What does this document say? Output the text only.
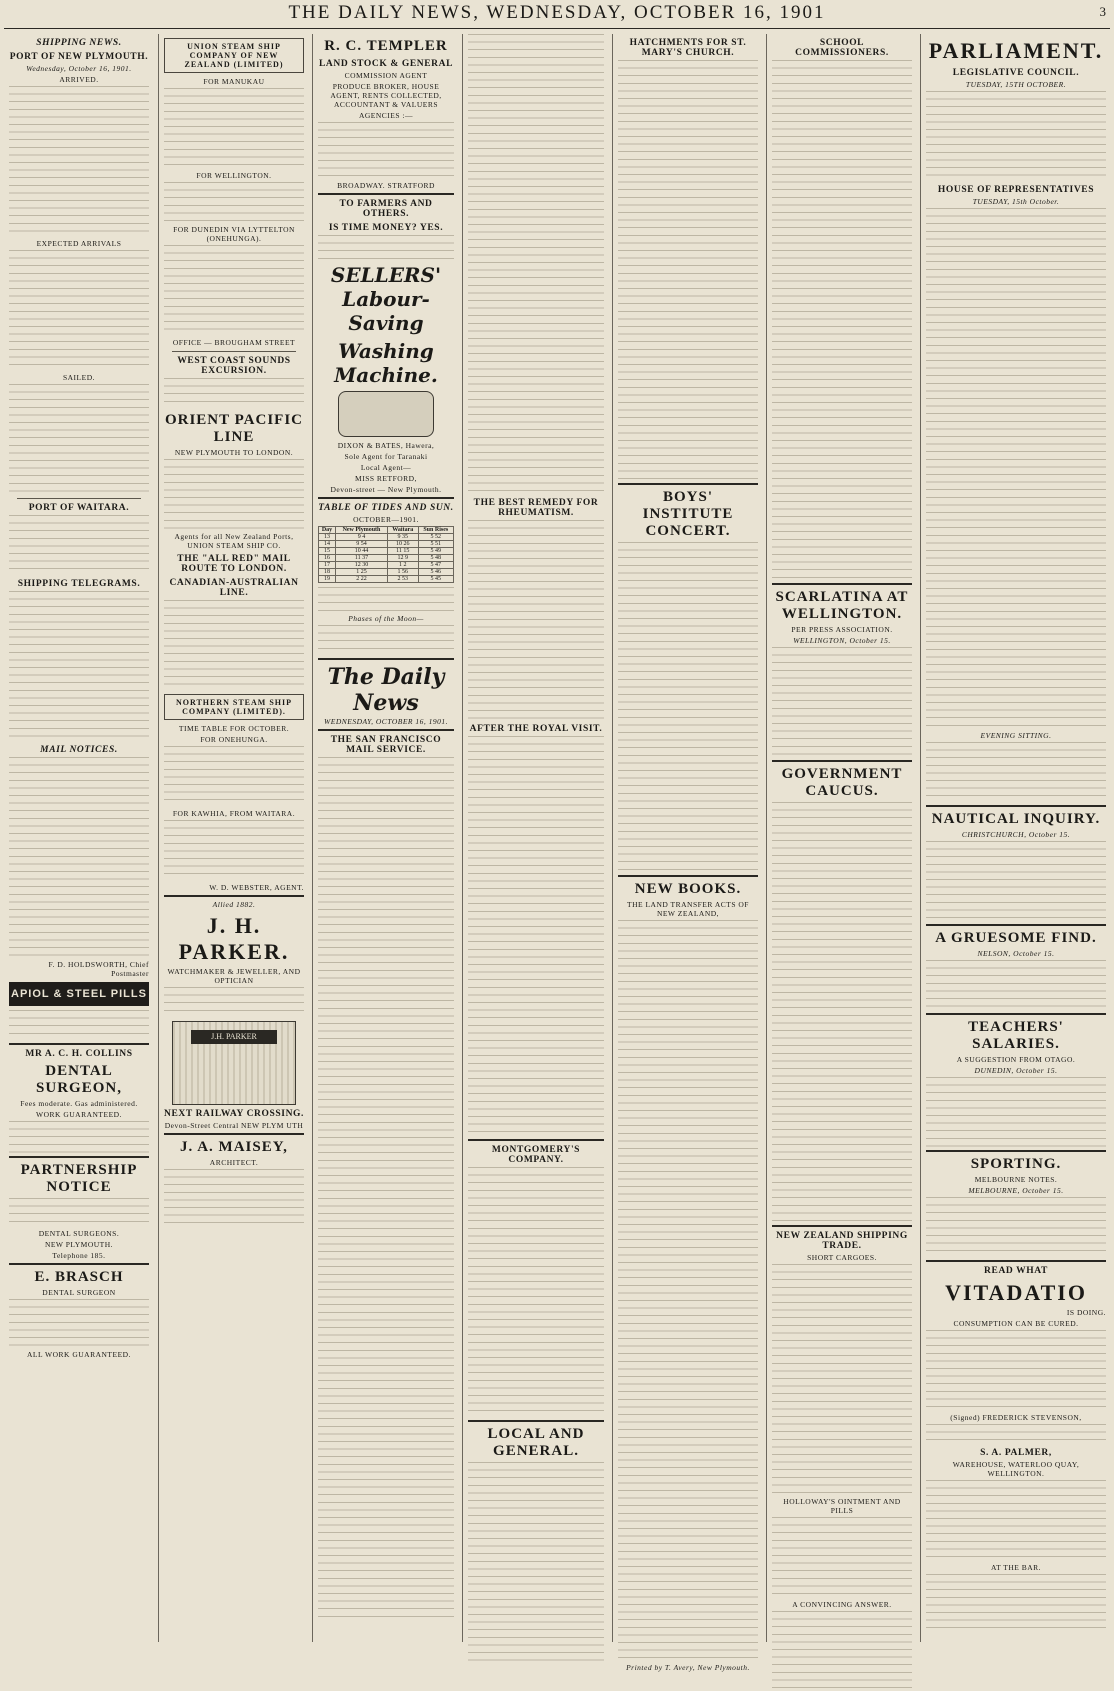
THE DAILY NEWS, WEDNESDAY, OCTOBER 16, 1901	3
SHIPPING NEWS.
PORT OF NEW PLYMOUTH.
Wednesday, October 16, 1901.
ARRIVED.
EXPECTED ARRIVALS
SAILED.
PORT OF WAITARA.
SHIPPING TELEGRAMS.
MAIL NOTICES.
F. D. HOLDSWORTH, Chief Postmaster
APIOL & STEEL PILLS
MR A. C. H. COLLINS
DENTAL SURGEON,
Fees moderate. Gas administered.
WORK GUARANTEED.
PARTNERSHIP NOTICE
DENTAL SURGEONS.
NEW PLYMOUTH.
Telephone 185.
E. BRASCH
DENTAL SURGEON
ALL WORK GUARANTEED.
UNION STEAM SHIP COMPANY OF NEW ZEALAND (LIMITED)
FOR MANUKAU
FOR WELLINGTON.
FOR DUNEDIN VIA LYTTELTON (ONEHUNGA).
OFFICE — BROUGHAM STREET
WEST COAST SOUNDS EXCURSION.
ORIENT PACIFIC LINE
NEW PLYMOUTH TO LONDON.
Agents for all New Zealand Ports, UNION STEAM SHIP CO.
THE "ALL RED" MAIL ROUTE TO LONDON.
CANADIAN-AUSTRALIAN LINE.
NORTHERN STEAM SHIP COMPANY (LIMITED).
TIME TABLE FOR OCTOBER.
FOR ONEHUNGA.
FOR KAWHIA, FROM WAITARA.
W. D. WEBSTER, AGENT.
Allied 1882.
J. H. PARKER.
WATCHMAKER & JEWELLER, AND OPTICIAN
J.H. PARKER
NEXT RAILWAY CROSSING.
Devon-Street Central NEW PLYM UTH
J. A. MAISEY,
ARCHITECT.
R. C. TEMPLER
LAND STOCK & GENERAL
COMMISSION AGENT
PRODUCE BROKER, HOUSE AGENT, RENTS COLLECTED, ACCOUNTANT & VALUERS
AGENCIES :—
BROADWAY. STRATFORD
TO FARMERS AND OTHERS.
IS TIME MONEY? YES.
SELLERS' Labour-Saving
Washing Machine.
DIXON & BATES, Hawera,
Sole Agent for Taranaki
Local Agent—
MISS RETFORD,
Devon-street — New Plymouth.
TABLE OF TIDES AND SUN.
OCTOBER—1901.
Day	New Plymouth	Waitara	Sun Rises
13	9 4	9 35	5 52
14	9 54	10 26	5 51
15	10 44	11 15	5 49
16	11 37	12 9	5 48
17	12 30	1 2	5 47
18	1 25	1 56	5 46
19	2 22	2 53	5 45
Phases of the Moon—
The Daily News
WEDNESDAY, OCTOBER 16, 1901.
THE SAN FRANCISCO MAIL SERVICE.
THE BEST REMEDY FOR RHEUMATISM.
AFTER THE ROYAL VISIT.
MONTGOMERY'S COMPANY.
LOCAL AND GENERAL.
HATCHMENTS FOR ST. MARY'S CHURCH.
BOYS' INSTITUTE CONCERT.
NEW BOOKS.
THE LAND TRANSFER ACTS OF NEW ZEALAND,
Printed by T. Avery, New Plymouth.
SCHOOL COMMISSIONERS.
SCARLATINA AT WELLINGTON.
PER PRESS ASSOCIATION.
WELLINGTON, October 15.
GOVERNMENT CAUCUS.
NEW ZEALAND SHIPPING TRADE.
SHORT CARGOES.
HOLLOWAY'S OINTMENT AND PILLS
A CONVINCING ANSWER.
PARLIAMENT.
LEGISLATIVE COUNCIL.
TUESDAY, 15TH OCTOBER.
HOUSE OF REPRESENTATIVES
TUESDAY, 15th October.
EVENING SITTING.
NAUTICAL INQUIRY.
CHRISTCHURCH, October 15.
A GRUESOME FIND.
NELSON, October 15.
TEACHERS' SALARIES.
A SUGGESTION FROM OTAGO.
DUNEDIN, October 15.
SPORTING.
MELBOURNE NOTES.
MELBOURNE, October 15.
READ WHAT
VITADATIO
IS DOING.
CONSUMPTION CAN BE CURED.
(Signed) FREDERICK STEVENSON,
S. A. PALMER,
WAREHOUSE, WATERLOO QUAY, WELLINGTON.
AT THE BAR.
